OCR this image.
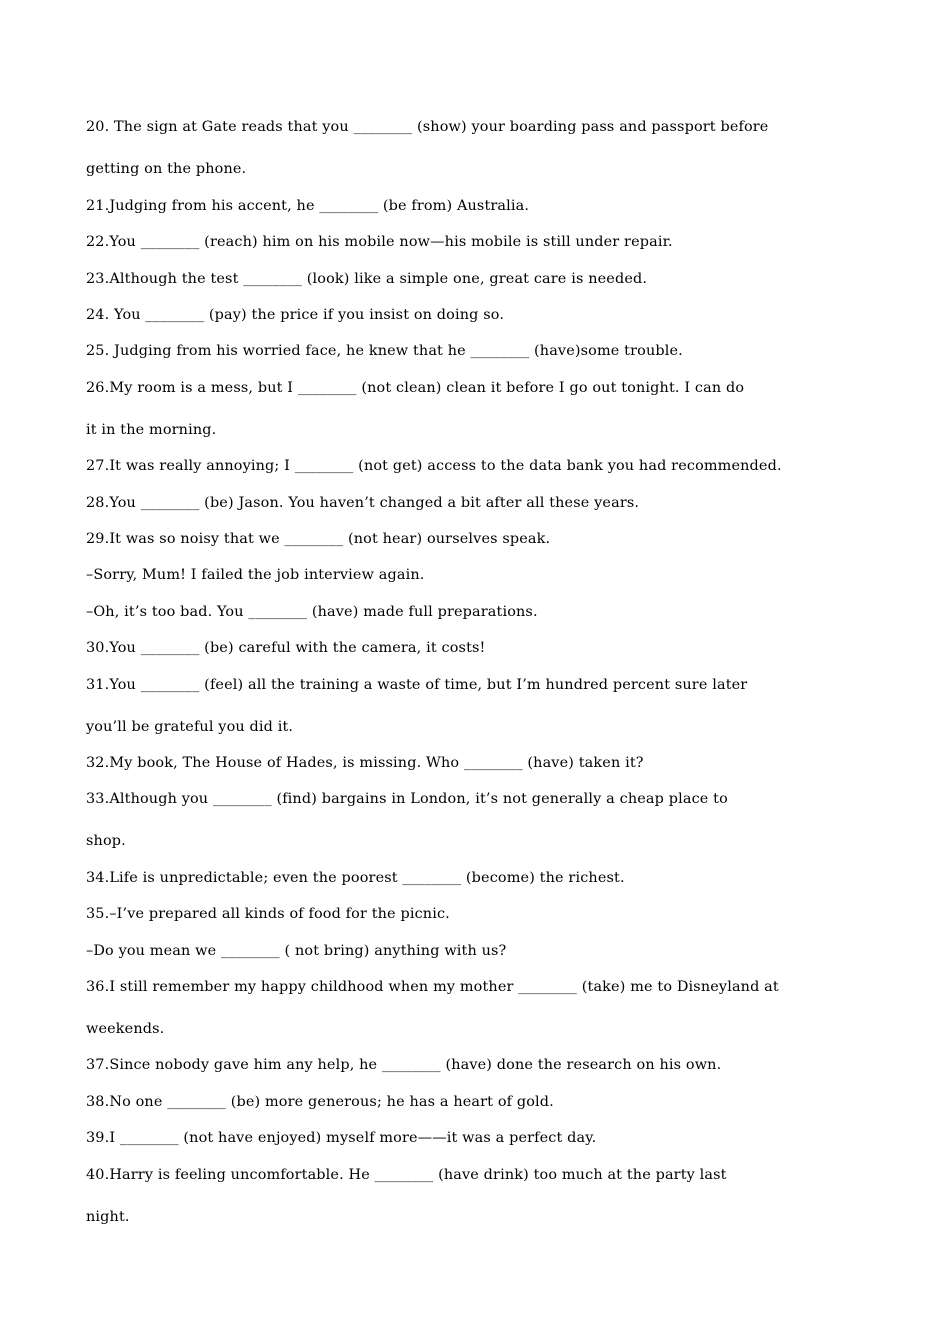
20. The sign at Gate reads that you ________ (show) your boarding pass and passport before
getting on the phone.
21.Judging from his accent, he ________ (be from) Australia.
22.You ________ (reach) him on his mobile now—his mobile is still under repair.
23.Although the test ________ (look) like a simple one, great care is needed.
24. You ________ (pay) the price if you insist on doing so.
25. Judging from his worried face, he knew that he ________ (have)some trouble.
26.My room is a mess, but I ________ (not clean) clean it before I go out tonight. I can do
it in the morning.
27.It was really annoying; I ________ (not get) access to the data bank you had recommended.
28.You ________ (be) Jason. You haven’t changed a bit after all these years.
29.It was so noisy that we ________ (not hear) ourselves speak.
–Sorry, Mum! I failed the job interview again.
–Oh, it’s too bad. You ________ (have) made full preparations.
30.You ________ (be) careful with the camera, it costs!
31.You ________ (feel) all the training a waste of time, but I’m hundred percent sure later
you’ll be grateful you did it.
32.My book, The House of Hades, is missing. Who ________ (have) taken it?
33.Although you ________ (find) bargains in London, it’s not generally a cheap place to
shop.
34.Life is unpredictable; even the poorest ________ (become) the richest.
35.–I’ve prepared all kinds of food for the picnic.
–Do you mean we ________ ( not bring) anything with us?
36.I still remember my happy childhood when my mother ________ (take) me to Disneyland at
weekends.
37.Since nobody gave him any help, he ________ (have) done the research on his own.
38.No one ________ (be) more generous; he has a heart of gold.
39.I ________ (not have enjoyed) myself more——it was a perfect day.
40.Harry is feeling uncomfortable. He ________ (have drink) too much at the party last
night.
